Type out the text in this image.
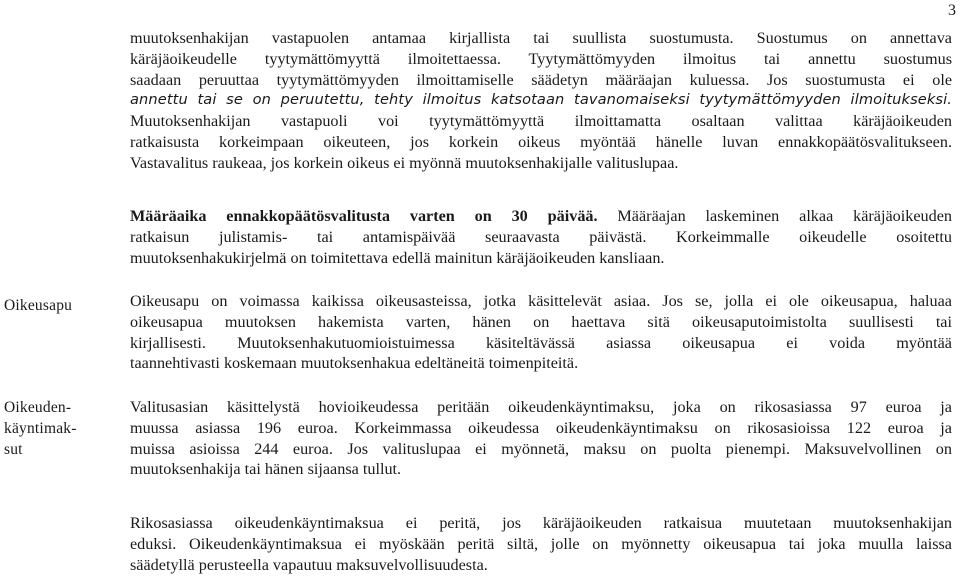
3
muutoksenhakijan vastapuolen antamaa kirjallista tai suullista suostumusta. Suostumus on annettava
käräjäoikeudelle tyytymättömyyttä ilmoitettaessa. Tyytymättömyyden ilmoitus tai annettu suostumus
saadaan peruuttaa tyytymättömyyden ilmoittamiselle säädetyn määräajan kuluessa. Jos suostumusta ei ole
annettu tai se on peruutettu, tehty ilmoitus katsotaan tavanomaiseksi tyytymättömyyden ilmoitukseksi.
Muutoksenhakijan vastapuoli voi tyytymättömyyttä ilmoittamatta osaltaan valittaa käräjäoikeuden
ratkaisusta korkeimpaan oikeuteen, jos korkein oikeus myöntää hänelle luvan ennakkopäätösvalitukseen.
Vastavalitus raukeaa, jos korkein oikeus ei myönnä muutoksenhakijalle valituslupaa.
Määräaika ennakkopäätösvalitusta varten on 30 päivää. Määräajan laskeminen alkaa käräjäoikeuden
ratkaisun julistamis- tai antamispäivää seuraavasta päivästä. Korkeimmalle oikeudelle osoitettu
muutoksenhakukirjelmä on toimitettava edellä mainitun käräjäoikeuden kansliaan.
Oikeusapu	Oikeusapu on voimassa kaikissa oikeusasteissa, jotka käsittelevät asiaa. Jos se, jolla ei ole oikeusapua, haluaa
oikeusapua muutoksen hakemista varten, hänen on haettava sitä oikeusaputoimistolta suullisesti tai
kirjallisesti. Muutoksenhakutuomioistuimessa käsiteltävässä asiassa oikeusapua ei voida myöntää
taannehtivasti koskemaan muutoksenhakua edeltäneitä toimenpiteitä.
Oikeuden-
käyntimak-
sut
Valitusasian käsittelystä hovioikeudessa peritään oikeudenkäyntimaksu, joka on rikosasiassa 97 euroa ja
muussa asiassa 196 euroa. Korkeimmassa oikeudessa oikeudenkäyntimaksu on rikosasioissa 122 euroa ja
muissa asioissa 244 euroa. Jos valituslupaa ei myönnetä, maksu on puolta pienempi. Maksuvelvollinen on
muutoksenhakija tai hänen sijaansa tullut.
Rikosasiassa oikeudenkäyntimaksua ei peritä, jos käräjäoikeuden ratkaisua muutetaan muutoksenhakijan
eduksi. Oikeudenkäyntimaksua ei myöskään peritä siltä, jolle on myönnetty oikeusapua tai joka muulla laissa
säädetyllä perusteella vapautuu maksuvelvollisuudesta.
